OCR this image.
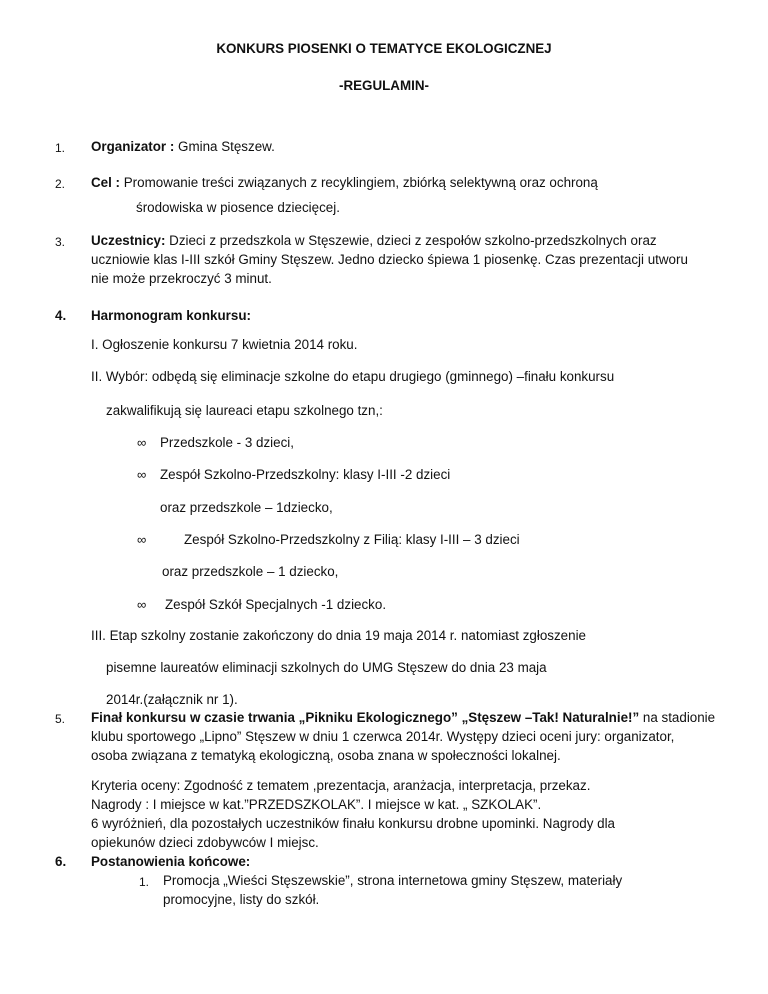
KONKURS PIOSENKI O TEMATYCE EKOLOGICZNEJ
-REGULAMIN-
1. Organizator : Gmina Stęszew.
2. Cel : Promowanie treści związanych z recyklingiem, zbiórką selektywną oraz ochroną
środowiska w piosence dziecięcej.
3. Uczestnicy: Dzieci z przedszkola w Stęszewie, dzieci z zespołów szkolno-przedszkolnych oraz
uczniowie klas I-III szkół Gminy Stęszew. Jedno dziecko śpiewa 1 piosenkę. Czas prezentacji utworu
nie może przekroczyć 3 minut.
4. Harmonogram konkursu:
I. Ogłoszenie konkursu 7 kwietnia 2014 roku.
II. Wybór: odbędą się eliminacje szkolne do etapu drugiego (gminnego) –finału konkursu
zakwalifikują się laureaci etapu szkolnego tzn,:
∞ Przedszkole - 3 dzieci,
∞ Zespół Szkolno-Przedszkolny: klasy I-III -2 dzieci
oraz przedszkole – 1dziecko,
∞	Zespół Szkolno-Przedszkolny z Filią: klasy I-III – 3 dzieci
oraz przedszkole – 1 dziecko,
∞ Zespół Szkół Specjalnych -1 dziecko.
III. Etap szkolny zostanie zakończony do dnia 19 maja 2014 r. natomiast zgłoszenie
pisemne laureatów eliminacji szkolnych do UMG Stęszew do dnia 23 maja
2014r.(załącznik nr 1).
5. Finał konkursu w czasie trwania „Pikniku Ekologicznego” „Stęszew –Tak! Naturalnie!” na stadionie
klubu sportowego „Lipno” Stęszew w dniu 1 czerwca 2014r. Występy dzieci oceni jury: organizator,
osoba związana z tematyką ekologiczną, osoba znana w społeczności lokalnej.
Kryteria oceny: Zgodność z tematem ,prezentacja, aranżacja, interpretacja, przekaz.
Nagrody : I miejsce w kat.”PRZEDSZKOLAK”. I miejsce w kat. „ SZKOLAK”.
6 wyróżnień, dla pozostałych uczestników finału konkursu drobne upominki. Nagrody dla
opiekunów dzieci zdobywców I miejsc.
6. Postanowienia końcowe:
1. Promocja „Wieści Stęszewskie”, strona internetowa gminy Stęszew, materiały
promocyjne, listy do szkół.
